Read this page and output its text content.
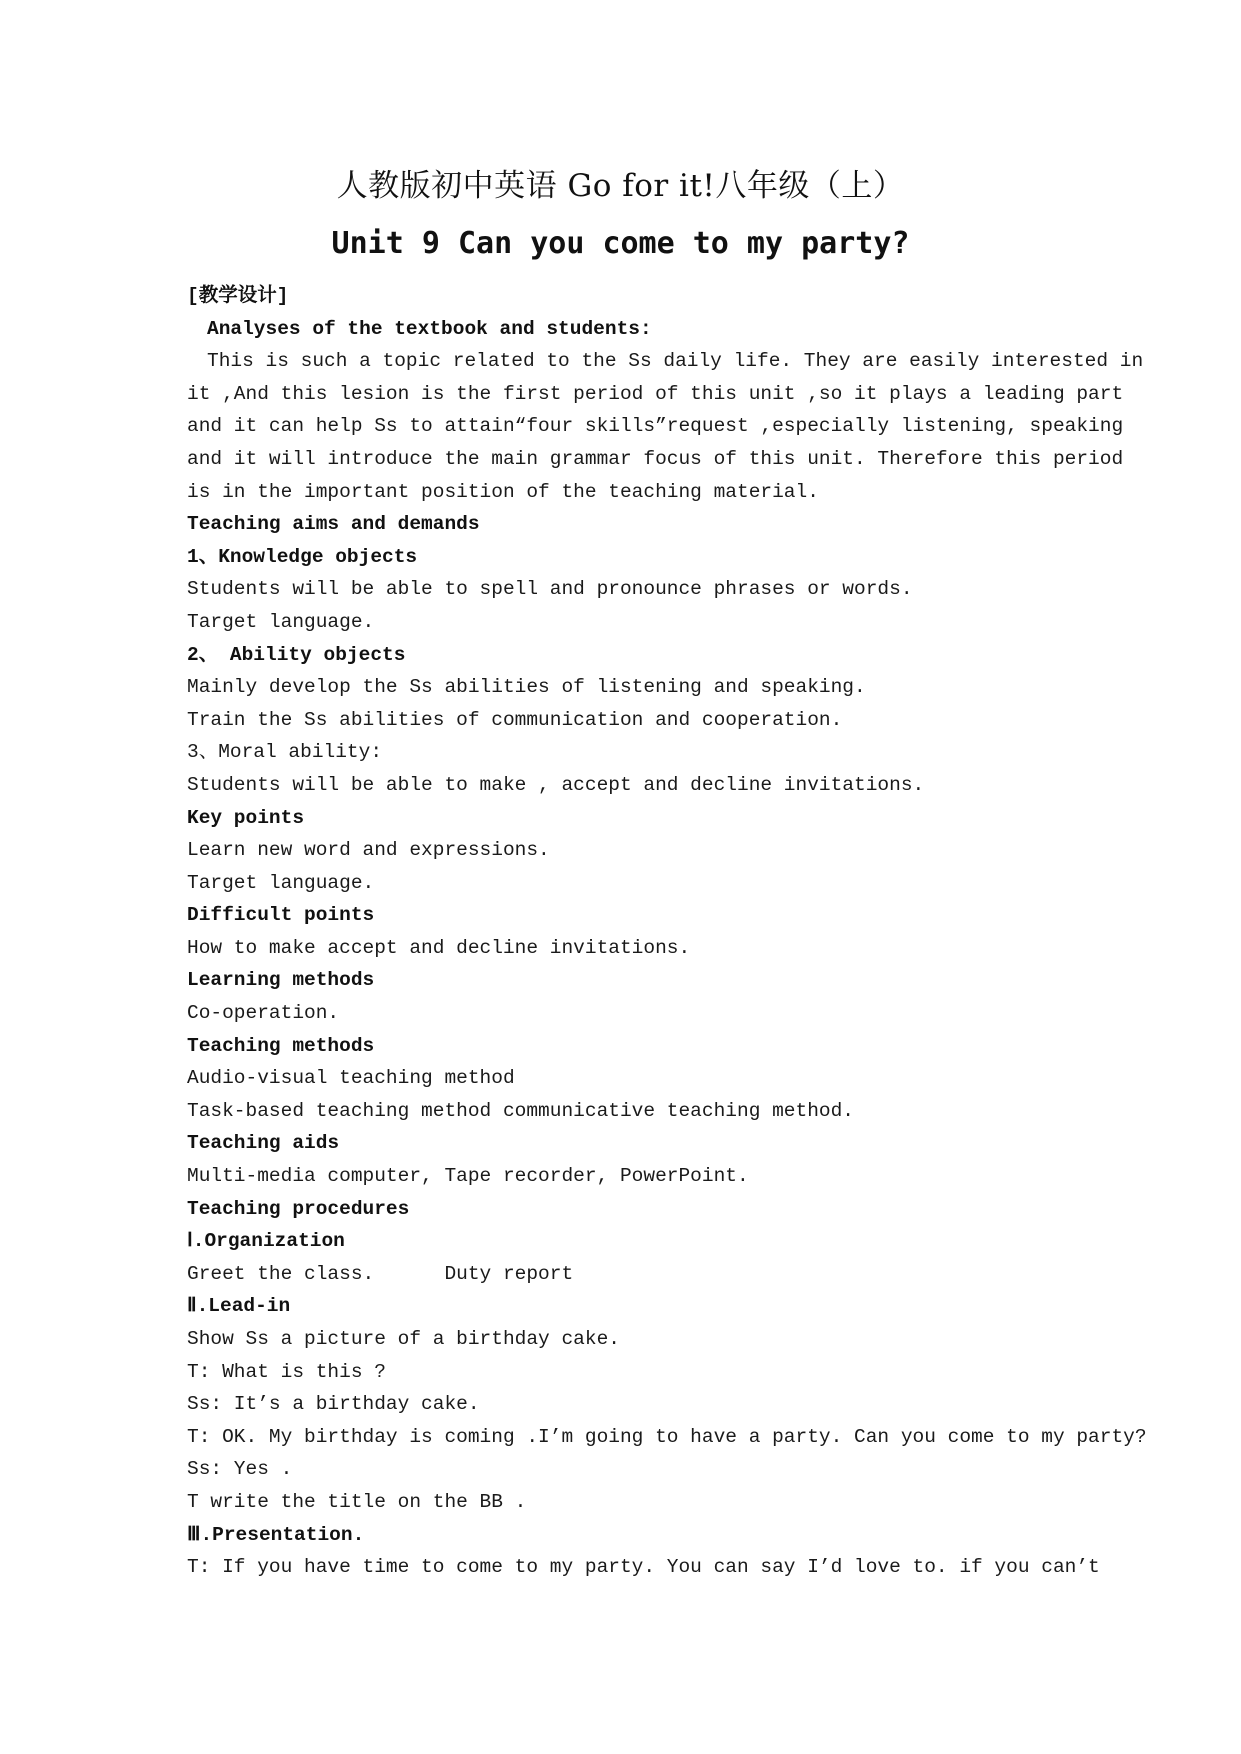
人教版初中英语 Go for it!八年级（上）
Unit 9 Can you come to my party?
[教学设计]
Analyses of the textbook and students:
This is such a topic related to the Ss daily life. They are easily interested in
it ,And this lesion is the first period of this unit ,so it plays a leading part
and it can help Ss to attain“four skills”request ,especially listening, speaking
and it will introduce the main grammar focus of this unit. Therefore this period
is in the important position of the teaching material.
Teaching aims and demands
1、Knowledge objects
Students will be able to spell and pronounce phrases or words.
Target language.
2、 Ability objects
Mainly develop the Ss abilities of listening and speaking.
Train the Ss abilities of communication and cooperation.
3、Moral ability:
Students will be able to make , accept and decline invitations.
Key points
Learn new word and expressions.
Target language.
Difficult points
How to make accept and decline invitations.
Learning methods
Co-operation.
Teaching methods
Audio-visual teaching method
Task-based teaching method communicative teaching method.
Teaching aids
Multi-media computer, Tape recorder, PowerPoint.
Teaching procedures
Ⅰ.Organization
Greet the class.      Duty report
Ⅱ.Lead-in
Show Ss a picture of a birthday cake.
T: What is this ?
Ss: It’s a birthday cake.
T: OK. My birthday is coming .I’m going to have a party. Can you come to my party?
Ss: Yes .
T write the title on the BB .
Ⅲ.Presentation.
T: If you have time to come to my party. You can say I’d love to. if you can’t
